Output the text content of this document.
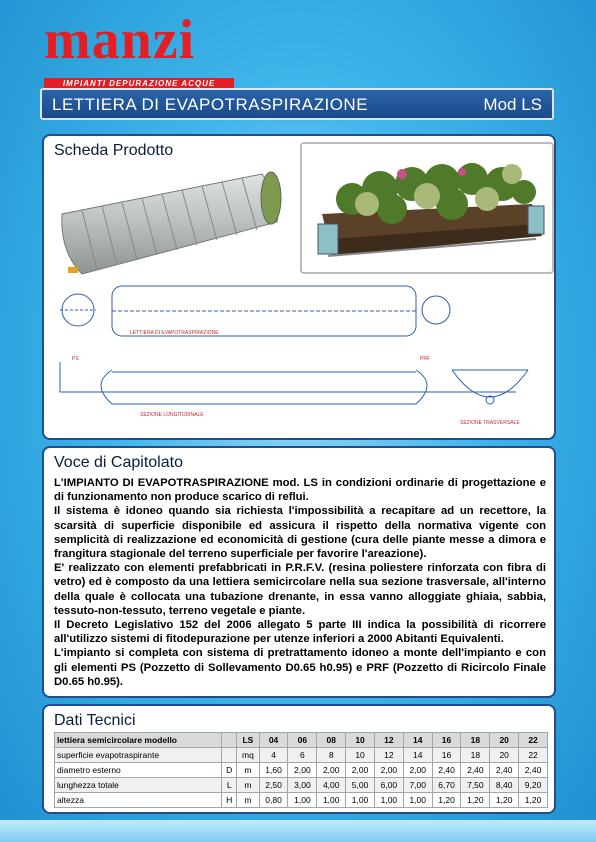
manzi
IMPIANTI DEPURAZIONE ACQUE
LETTIERA DI EVAPOTRASPIRAZIONE	Mod LS
Scheda Prodotto
LETTIERA DI EVAPOTRASPIRAZIONE
PS	PRF
SEZIONE LONGITUDINALE
SEZIONE TRASVERSALE
Voce di Capitolato

L'IMPIANTO DI EVAPOTRASPIRAZIONE mod. LS in condizioni ordinarie di progettazione e di funzionamento non produce scarico di reflui.

Il sistema è idoneo quando sia richiesta l'impossibilità a recapitare ad un recettore, la scarsità di superficie disponibile ed assicura il rispetto della normativa vigente con semplicità di realizzazione ed economicità di gestione (cura delle piante messe a dimora e frangitura stagionale del terreno superficiale per favorire l'areazione).

E' realizzato con elementi prefabbricati in P.R.F.V. (resina poliestere rinforzata con fibra di vetro) ed è composto da una lettiera semicircolare nella sua sezione trasversale, all'interno della quale è collocata una tubazione drenante, in essa vanno alloggiate ghiaia, sabbia, tessuto-non-tessuto, terreno vegetale e piante.

Il Decreto Legislativo 152 del 2006 allegato 5 parte III indica la possibilità di ricorrere all'utilizzo sistemi di fitodepurazione per utenze inferiori a 2000 Abitanti Equivalenti.

L'impianto si completa con sistema di pretrattamento idoneo a monte dell'impianto e con gli elementi PS (Pozzetto di Sollevamento D0.65 h0.95) e PRF (Pozzetto di Ricircolo Finale D0.65 h0.95).

Dati Tecnici
lettiera semicircolare modello		LS	04	06	08	10	12	14	16	18	20	22
superficie evapotraspirante		mq	4	6	8	10	12	14	16	18	20	22
diametro esterno	D	m	1,60	2,00	2,00	2,00	2,00	2,00	2,40	2,40	2,40	2,40
lunghezza totale	L	m	2,50	3,00	4,00	5,00	6,00	7,00	6,70	7,50	8,40	9,20
altezza	H	m	0,80	1,00	1,00	1,00	1,00	1,00	1,20	1,20	1,20	1,20
